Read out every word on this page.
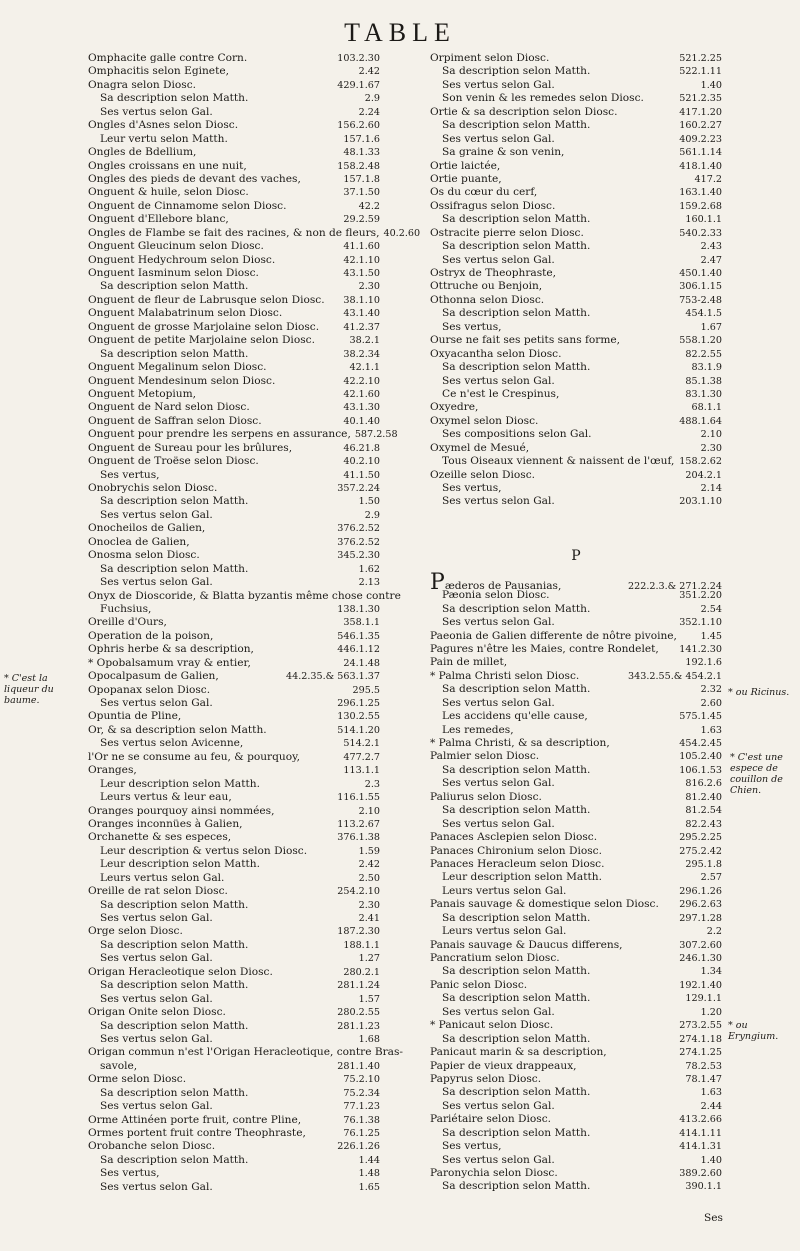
TABLE
Omphacite galle contre Corn.	103.2.30
Omphacitis selon Eginete,	2.42
Onagra selon Diosc.	429.1.67
Sa description selon Matth.	2.9
Ses vertus selon Gal.	2.24
Ongles d'Asnes selon Diosc.	156.2.60
Leur vertu selon Matth.	157.1.6
Ongles de Bdellium,	48.1.33
Ongles croissans en une nuit,	158.2.48
Ongles des pieds de devant des vaches,	157.1.8
Onguent & huile, selon Diosc.	37.1.50
Onguent de Cinnamome selon Diosc.	42.2
Onguent d'Ellebore blanc,	29.2.59
Ongles de Flambe se fait des racines, & non de fleurs, 40.2.60
Onguent Gleucinum selon Diosc.	41.1.60
Onguent Hedychroum selon Diosc.	42.1.10
Onguent Iasminum selon Diosc.	43.1.50
Sa description selon Matth.	2.30
Onguent de fleur de Labrusque selon Diosc.	38.1.10
Onguent Malabatrinum selon Diosc.	43.1.40
Onguent de grosse Marjolaine selon Diosc.	41.2.37
Onguent de petite Marjolaine selon Diosc.	38.2.1
Sa description selon Matth.	38.2.34
Onguent Megalinum selon Diosc.	42.1.1
Onguent Mendesinum selon Diosc.	42.2.10
Onguent Metopium,	42.1.60
Onguent de Nard selon Diosc.	43.1.30
Onguent de Saffran selon Diosc.	40.1.40
Onguent pour prendre les serpens en assurance, 587.2.58
Onguent de Sureau pour les brûlures,	46.21.8
Onguent de Troëse selon Diosc.	40.2.10
Ses vertus,	41.1.50
Onobrychis selon Diosc.	357.2.24
Sa description selon Matth.	1.50
Ses vertus selon Gal.	2.9
Onocheilos de Galien,	376.2.52
Onoclea de Galien,	376.2.52
Onosma selon Diosc.	345.2.30
Sa description selon Matth.	1.62
Ses vertus selon Gal.	2.13
Onyx de Dioscoride, & Blatta byzantis même chose contre
Fuchsius,	138.1.30
Oreille d'Ours,	358.1.1
Operation de la poison,	546.1.35
Ophris herbe & sa description,	446.1.12
* Opobalsamum vray & entier,	24.1.48
Opocalpasum de Galien,	44.2.35.& 563.1.37
Opopanax selon Diosc.	295.5
Ses vertus selon Gal.	296.1.25
Opuntia de Pline,	130.2.55
Or, & sa description selon Matth.	514.1.20
Ses vertus selon Avicenne,	514.2.1
l'Or ne se consume au feu, & pourquoy,	477.2.7
Oranges,	113.1.1
Leur description selon Matth.	2.3
Leurs vertus & leur eau,	116.1.55
Oranges pourquoy ainsi nommées,	2.10
Oranges inconnües à Galien,	113.2.67
Orchanette & ses especes,	376.1.38
Leur description & vertus selon Diosc.	1.59
Leur description selon Matth.	2.42
Leurs vertus selon Gal.	2.50
Oreille de rat selon Diosc.	254.2.10
Sa description selon Matth.	2.30
Ses vertus selon Gal.	2.41
Orge selon Diosc.	187.2.30
Sa description selon Matth.	188.1.1
Ses vertus selon Gal.	1.27
Origan Heracleotique selon Diosc.	280.2.1
Sa description selon Matth.	281.1.24
Ses vertus selon Gal.	1.57
Origan Onite selon Diosc.	280.2.55
Sa description selon Matth.	281.1.23
Ses vertus selon Gal.	1.68
Origan commun n'est l'Origan Heracleotique, contre Bras-
savole,	281.1.40
Orme selon Diosc.	75.2.10
Sa description selon Matth.	75.2.34
Ses vertus selon Gal.	77.1.23
Orme Attinéen porte fruit, contre Pline,	76.1.38
Ormes portent fruit contre Theophraste,	76.1.25
Orobanche selon Diosc.	226.1.26
Sa description selon Matth.	1.44
Ses vertus,	1.48
Ses vertus selon Gal.	1.65
Orpiment selon Diosc.	521.2.25
Sa description selon Matth.	522.1.11
Ses vertus selon Gal.	1.40
Son venin & les remedes selon Diosc.	521.2.35
Ortie & sa description selon Diosc.	417.1.20
Sa description selon Matth.	160.2.27
Ses vertus selon Gal.	409.2.23
Sa graine & son venin,	561.1.14
Ortie laictée,	418.1.40
Ortie puante,	417.2
Os du cœur du cerf,	163.1.40
Ossifragus selon Diosc.	159.2.68
Sa description selon Matth.	160.1.1
Ostracite pierre selon Diosc.	540.2.33
Sa description selon Matth.	2.43
Ses vertus selon Gal.	2.47
Ostryx de Theophraste,	450.1.40
Ottruche ou Benjoin,	306.1.15
Othonna selon Diosc.	753-2.48
Sa description selon Matth.	454.1.5
Ses vertus,	1.67
Ourse ne fait ses petits sans forme,	558.1.20
Oxyacantha selon Diosc.	82.2.55
Sa description selon Matth.	83.1.9
Ses vertus selon Gal.	85.1.38
Ce n'est le Crespinus,	83.1.30
Oxyedre,	68.1.1
Oxymel selon Diosc.	488.1.64
Ses compositions selon Gal.	2.10
Oxymel de Mesué,	2.30
Tous Oiseaux viennent & naissent de l'œuf, 158.2.62
Ozeille selon Diosc.	204.2.1
Ses vertus,	2.14
Ses vertus selon Gal.	203.1.10
P
Pæderos de Pausanias,	222.2.3.& 271.2.24
Pæonia selon Diosc.	351.2.20
Sa description selon Matth.	2.54
Ses vertus selon Gal.	352.1.10
Paeonia de Galien differente de nôtre pivoine,	1.45
Pagures n'être les Maies, contre Rondelet,	141.2.30
Pain de millet,	192.1.6
* Palma Christi selon Diosc.	343.2.55.& 454.2.1
Sa description selon Matth.	2.32
Ses vertus selon Gal.	2.60
Les accidens qu'elle cause,	575.1.45
Les remedes,	1.63
* Palma Christi, & sa description,	454.2.45
Palmier selon Diosc.	105.2.40
Sa description selon Matth.	106.1.53
Ses vertus selon Gal.	816.2.6
Paliurus selon Diosc.	81.2.40
Sa description selon Matth.	81.2.54
Ses vertus selon Gal.	82.2.43
Panaces Asclepien selon Diosc.	295.2.25
Panaces Chironium selon Diosc.	275.2.42
Panaces Heracleum selon Diosc.	295.1.8
Leur description selon Matth.	2.57
Leurs vertus selon Gal.	296.1.26
Panais sauvage & domestique selon Diosc.	296.2.63
Sa description selon Matth.	297.1.28
Leurs vertus selon Gal.	2.2
Panais sauvage & Daucus differens,	307.2.60
Pancratium selon Diosc.	246.1.30
Sa description selon Matth.	1.34
Panic selon Diosc.	192.1.40
Sa description selon Matth.	129.1.1
Ses vertus selon Gal.	1.20
* Panicaut selon Diosc.	273.2.55
Sa description selon Matth.	274.1.18
Panicaut marin & sa description,	274.1.25
Papier de vieux drappeaux,	78.2.53
Papyrus selon Diosc.	78.1.47
Sa description selon Matth.	1.63
Ses vertus selon Gal.	2.44
Pariétaire selon Diosc.	413.2.66
Sa description selon Matth.	414.1.11
Ses vertus,	414.1.31
Ses vertus selon Gal.	1.40
Paronychia selon Diosc.	389.2.60
Sa description selon Matth.	390.1.1
* C'est la liqueur du baume.
* ou Ricinus.
* C'est une espece de couillon de Chien.
* ou Eryngium.
Ses
